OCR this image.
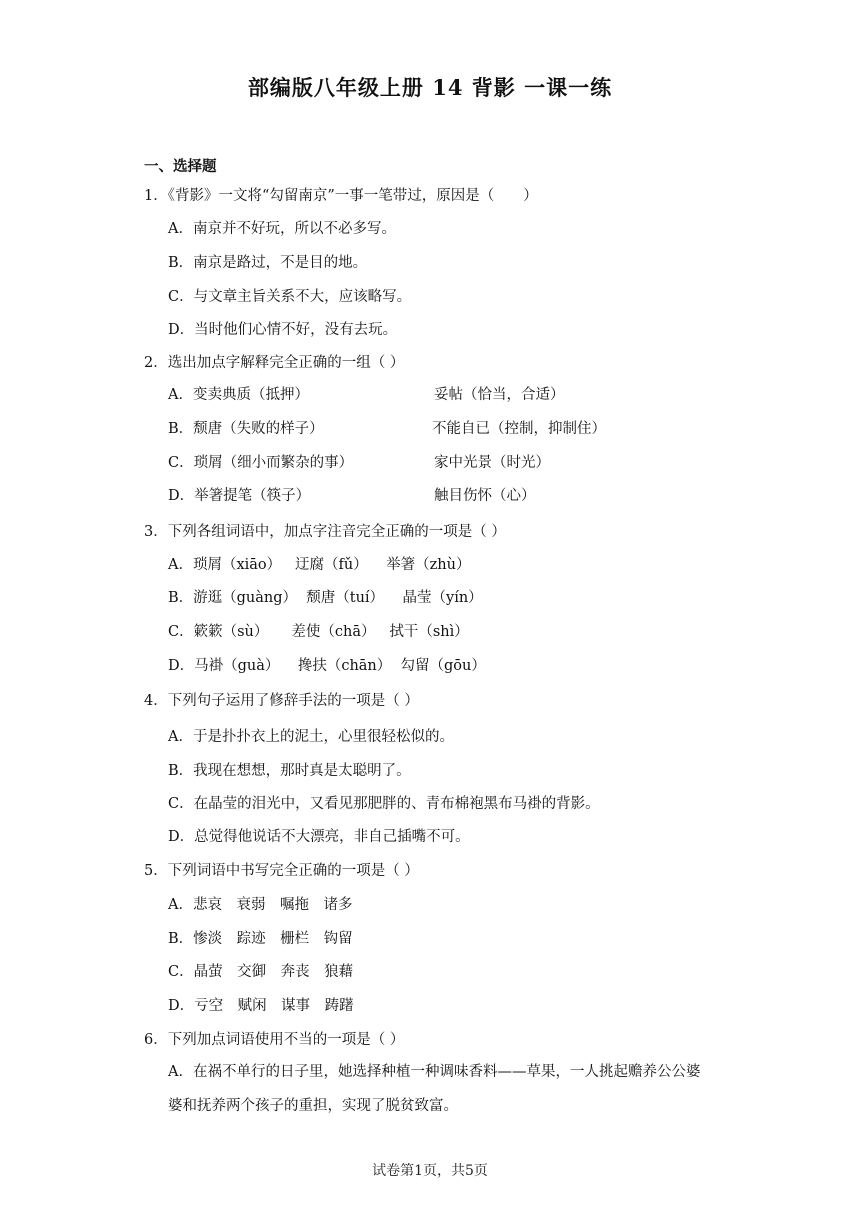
部编版八年级上册 14 背影 一课一练
一、选择题
1．《背影》一文将“勾留南京”一事一笔带过，原因是（　　）
A．南京并不好玩，所以不必多写。
B．南京是路过，不是目的地。
C．与文章主旨关系不大，应该略写。
D．当时他们心情不好，没有去玩。
2．选出加点字解释完全正确的一组（ ）
A．变卖典质（抵押）	妥帖（恰当，合适）
B．颓唐（失败的样子）	不能自已（控制，抑制住）
C．琐屑（细小而繁杂的事）	家中光景（时光）
D．举箸提笔（筷子）	触目伤怀（心）
3．下列各组词语中，加点字注音完全正确的一项是（ ）
A．琐屑（xiāo）   迂腐（fǔ）    举箸（zhù）
B．游逛（guàng）  颓唐（tuí）    晶莹（yín）
C．簌簌（sù）     差使（chā）   拭干（shì）
D．马褂（guà）    搀扶（chān）  勾留（gōu）
4．下列句子运用了修辞手法的一项是（ ）
A．于是扑扑衣上的泥土，心里很轻松似的。
B．我现在想想，那时真是太聪明了。
C．在晶莹的泪光中，又看见那肥胖的、青布棉袍黑布马褂的背影。
D．总觉得他说话不大漂亮，非自己插嘴不可。
5．下列词语中书写完全正确的一项是（ ）
A．悲哀　衰弱　嘱拖　诸多
B．惨淡　踪迹　栅栏　钩留
C．晶萤　交御　奔丧　狼藉
D．亏空　赋闲　谋事　踌躇
6．下列加点词语使用不当的一项是（ ）
A．在祸不单行的日子里，她选择种植一种调味香料——草果，一人挑起赡养公公婆
婆和抚养两个孩子的重担，实现了脱贫致富。
试卷第1页，共5页
